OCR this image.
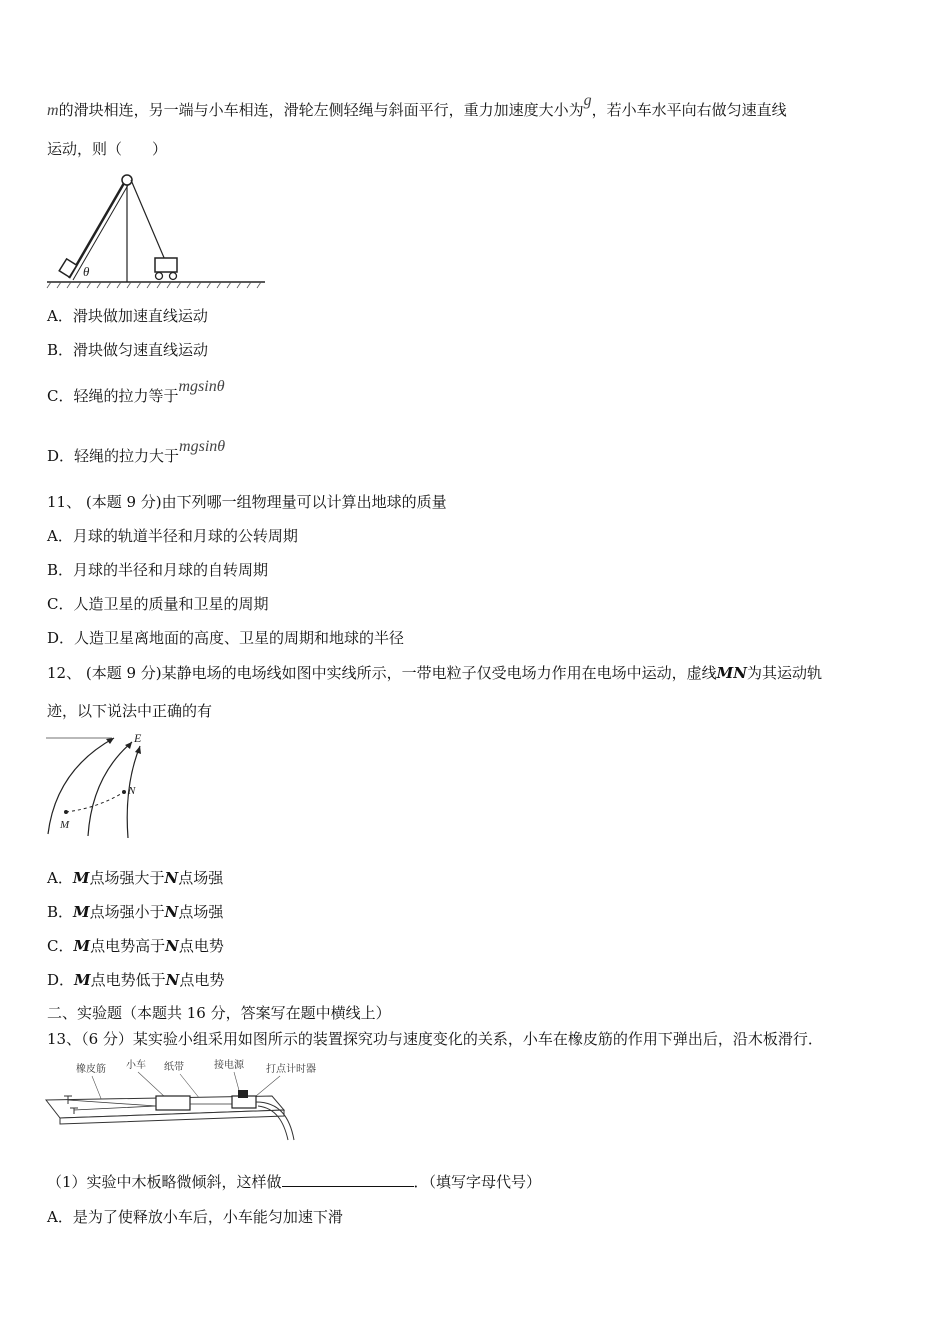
m的滑块相连，另一端与小车相连，滑轮左侧轻绳与斜面平行，重力加速度大小为g，若小车水平向右做匀速直线
运动，则（　　）
θ
A．滑块做加速直线运动
B．滑块做匀速直线运动
C．轻绳的拉力等于mgsinθ
D．轻绳的拉力大于mgsinθ
11、 (本题 9 分)由下列哪一组物理量可以计算出地球的质量
A．月球的轨道半径和月球的公转周期
B．月球的半径和月球的自转周期
C．人造卫星的质量和卫星的周期
D．人造卫星离地面的高度、卫星的周期和地球的半径
12、 (本题 9 分)某静电场的电场线如图中实线所示，一带电粒子仅受电场力作用在电场中运动，虚线MN为其运动轨
迹，以下说法中正确的有
E
N
M
A．M点场强大于N点场强
B．M点场强小于N点场强
C．M点电势高于N点电势
D．M点电势低于N点电势
二、实验题（本题共 16 分，答案写在题中横线上）
13、（6 分）某实验小组采用如图所示的装置探究功与速度变化的关系，小车在橡皮筋的作用下弹出后，沿木板滑行．
橡皮筋 小车 纸带	接电源 打点计时器
（1）实验中木板略微倾斜，这样做	．（填写字母代号）
A．是为了使释放小车后，小车能匀加速下滑
